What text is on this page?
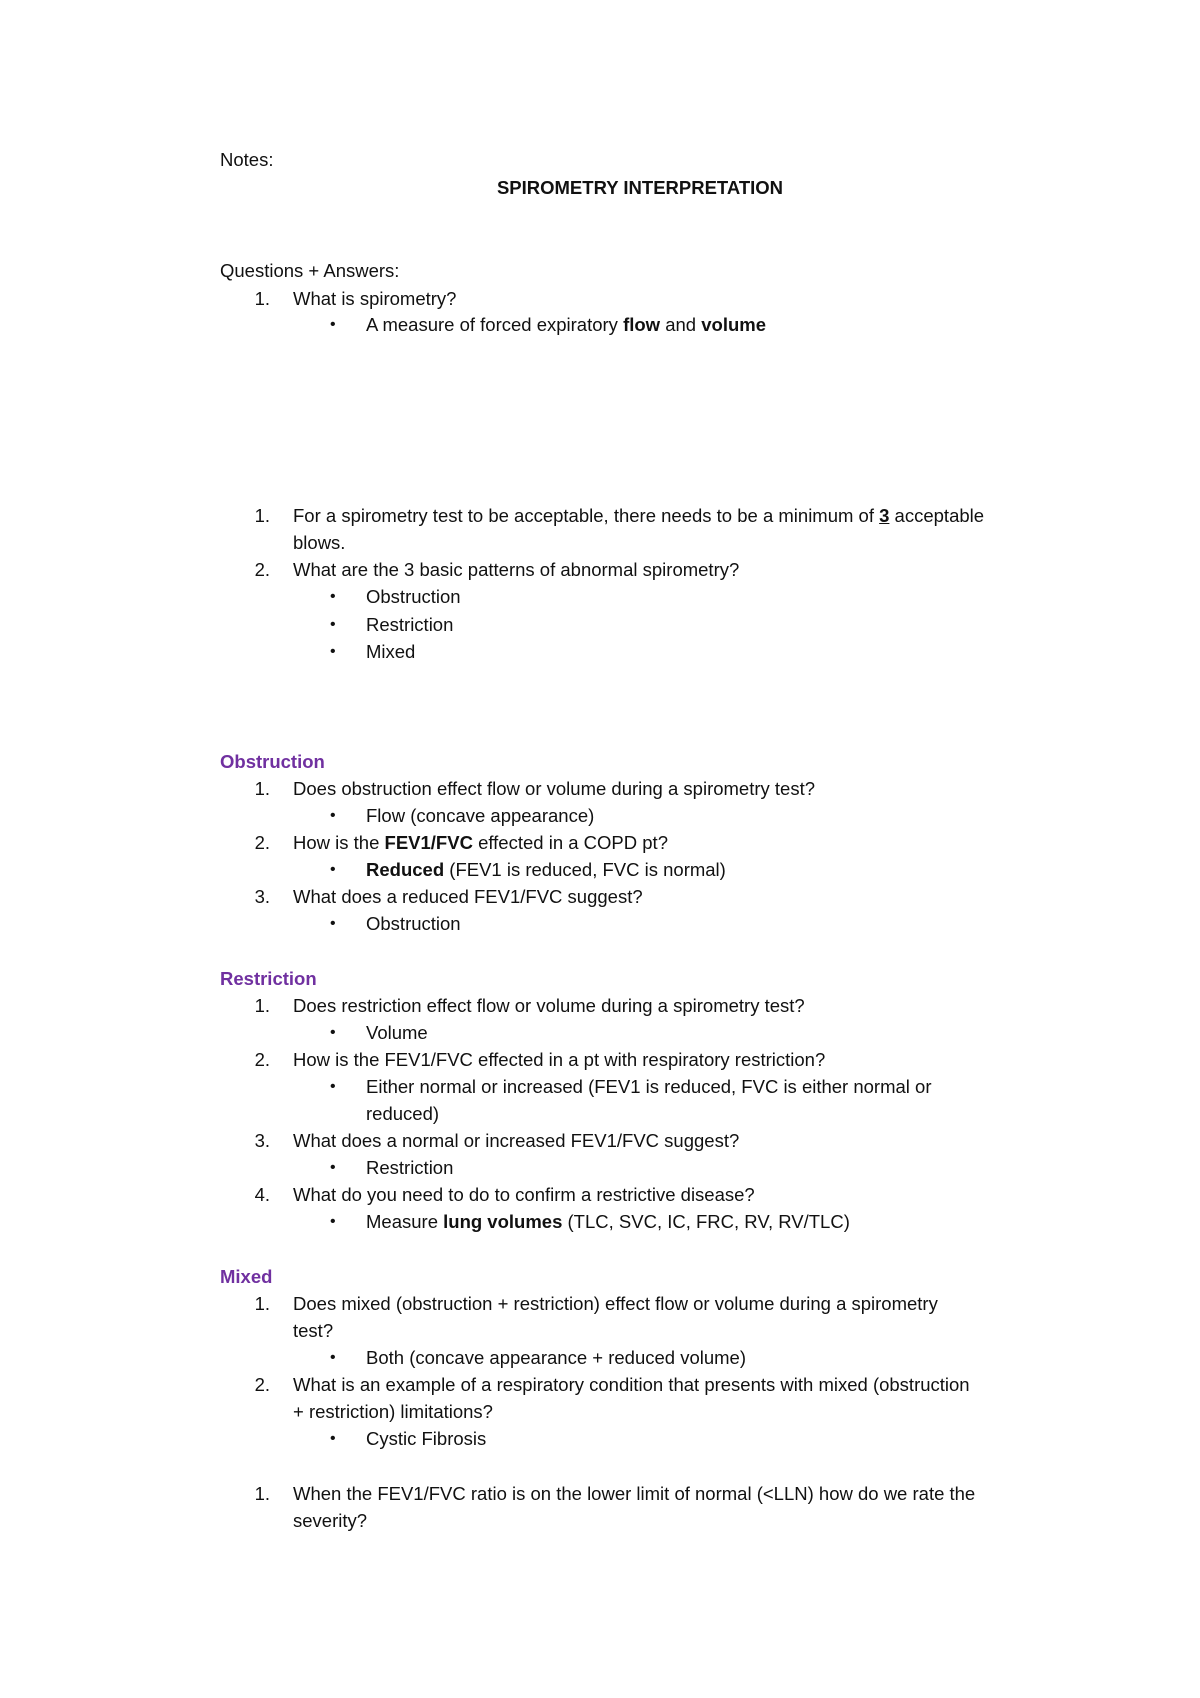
Notes:
SPIROMETRY INTERPRETATION
Questions + Answers:
1. What is spirometry?
• A measure of forced expiratory flow and volume
1. For a spirometry test to be acceptable, there needs to be a minimum of 3 acceptable
blows.
2. What are the 3 basic patterns of abnormal spirometry?
• Obstruction
• Restriction
• Mixed
Obstruction
1. Does obstruction effect flow or volume during a spirometry test?
• Flow (concave appearance)
2. How is the FEV1/FVC effected in a COPD pt?
• Reduced (FEV1 is reduced, FVC is normal)
3. What does a reduced FEV1/FVC suggest?
• Obstruction
Restriction
1. Does restriction effect flow or volume during a spirometry test?
• Volume
2. How is the FEV1/FVC effected in a pt with respiratory restriction?
• Either normal or increased (FEV1 is reduced, FVC is either normal or
reduced)
3. What does a normal or increased FEV1/FVC suggest?
• Restriction
4. What do you need to do to confirm a restrictive disease?
• Measure lung volumes (TLC, SVC, IC, FRC, RV, RV/TLC)
Mixed
1. Does mixed (obstruction + restriction) effect flow or volume during a spirometry
test?
• Both (concave appearance + reduced volume)
2. What is an example of a respiratory condition that presents with mixed (obstruction
+ restriction) limitations?
• Cystic Fibrosis
1. When the FEV1/FVC ratio is on the lower limit of normal (<LLN) how do we rate the
severity?
